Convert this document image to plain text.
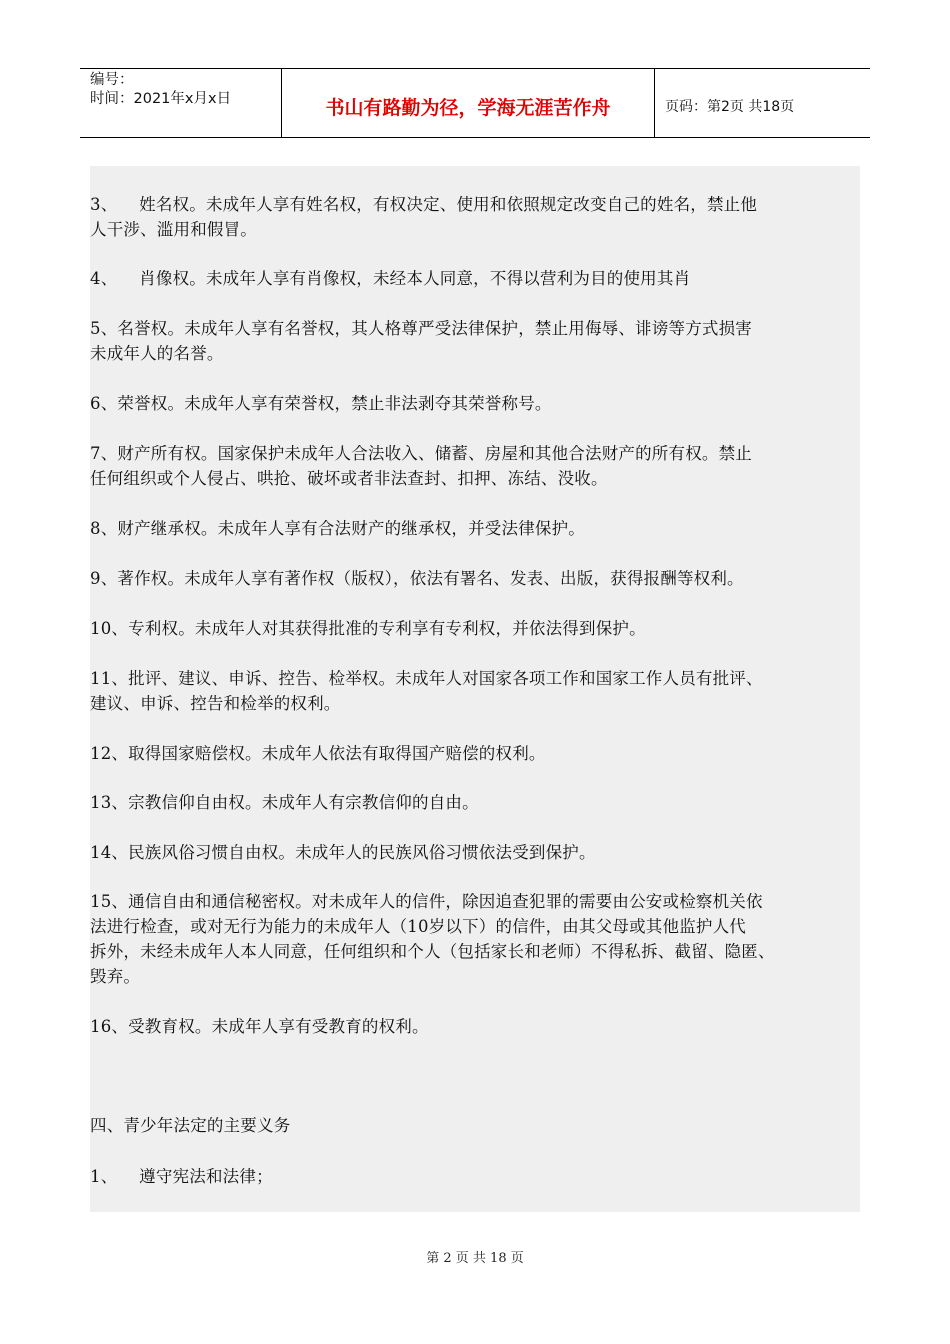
编号：
时间：2021年x月x日	书山有路勤为径，学海无涯苦作舟	页码：第2页 共18页
3、    姓名权。未成年人享有姓名权，有权决定、使用和依照规定改变自己的姓名，禁止他
人干涉、滥用和假冒。
4、    肖像权。未成年人享有肖像权，未经本人同意，不得以营利为目的使用其肖
5、名誉权。未成年人享有名誉权，其人格尊严受法律保护，禁止用侮辱、诽谤等方式损害
未成年人的名誉。
6、荣誉权。未成年人享有荣誉权，禁止非法剥夺其荣誉称号。
7、财产所有权。国家保护未成年人合法收入、储蓄、房屋和其他合法财产的所有权。禁止
任何组织或个人侵占、哄抢、破坏或者非法查封、扣押、冻结、没收。
8、财产继承权。未成年人享有合法财产的继承权，并受法律保护。
9、著作权。未成年人享有著作权（版权），依法有署名、发表、出版，获得报酬等权利。
10、专利权。未成年人对其获得批准的专利享有专利权，并依法得到保护。
11、批评、建议、申诉、控告、检举权。未成年人对国家各项工作和国家工作人员有批评、
建议、申诉、控告和检举的权利。
12、取得国家赔偿权。未成年人依法有取得国产赔偿的权利。
13、宗教信仰自由权。未成年人有宗教信仰的自由。
14、民族风俗习惯自由权。未成年人的民族风俗习惯依法受到保护。
15、通信自由和通信秘密权。对未成年人的信件，除因追查犯罪的需要由公安或检察机关依
法进行检查，或对无行为能力的未成年人（10岁以下）的信件，由其父母或其他监护人代
拆外，未经未成年人本人同意，任何组织和个人（包括家长和老师）不得私拆、截留、隐匿、
毁弃。
16、受教育权。未成年人享有受教育的权利。
四、青少年法定的主要义务
1、    遵守宪法和法律；
第 2 页 共 18 页
